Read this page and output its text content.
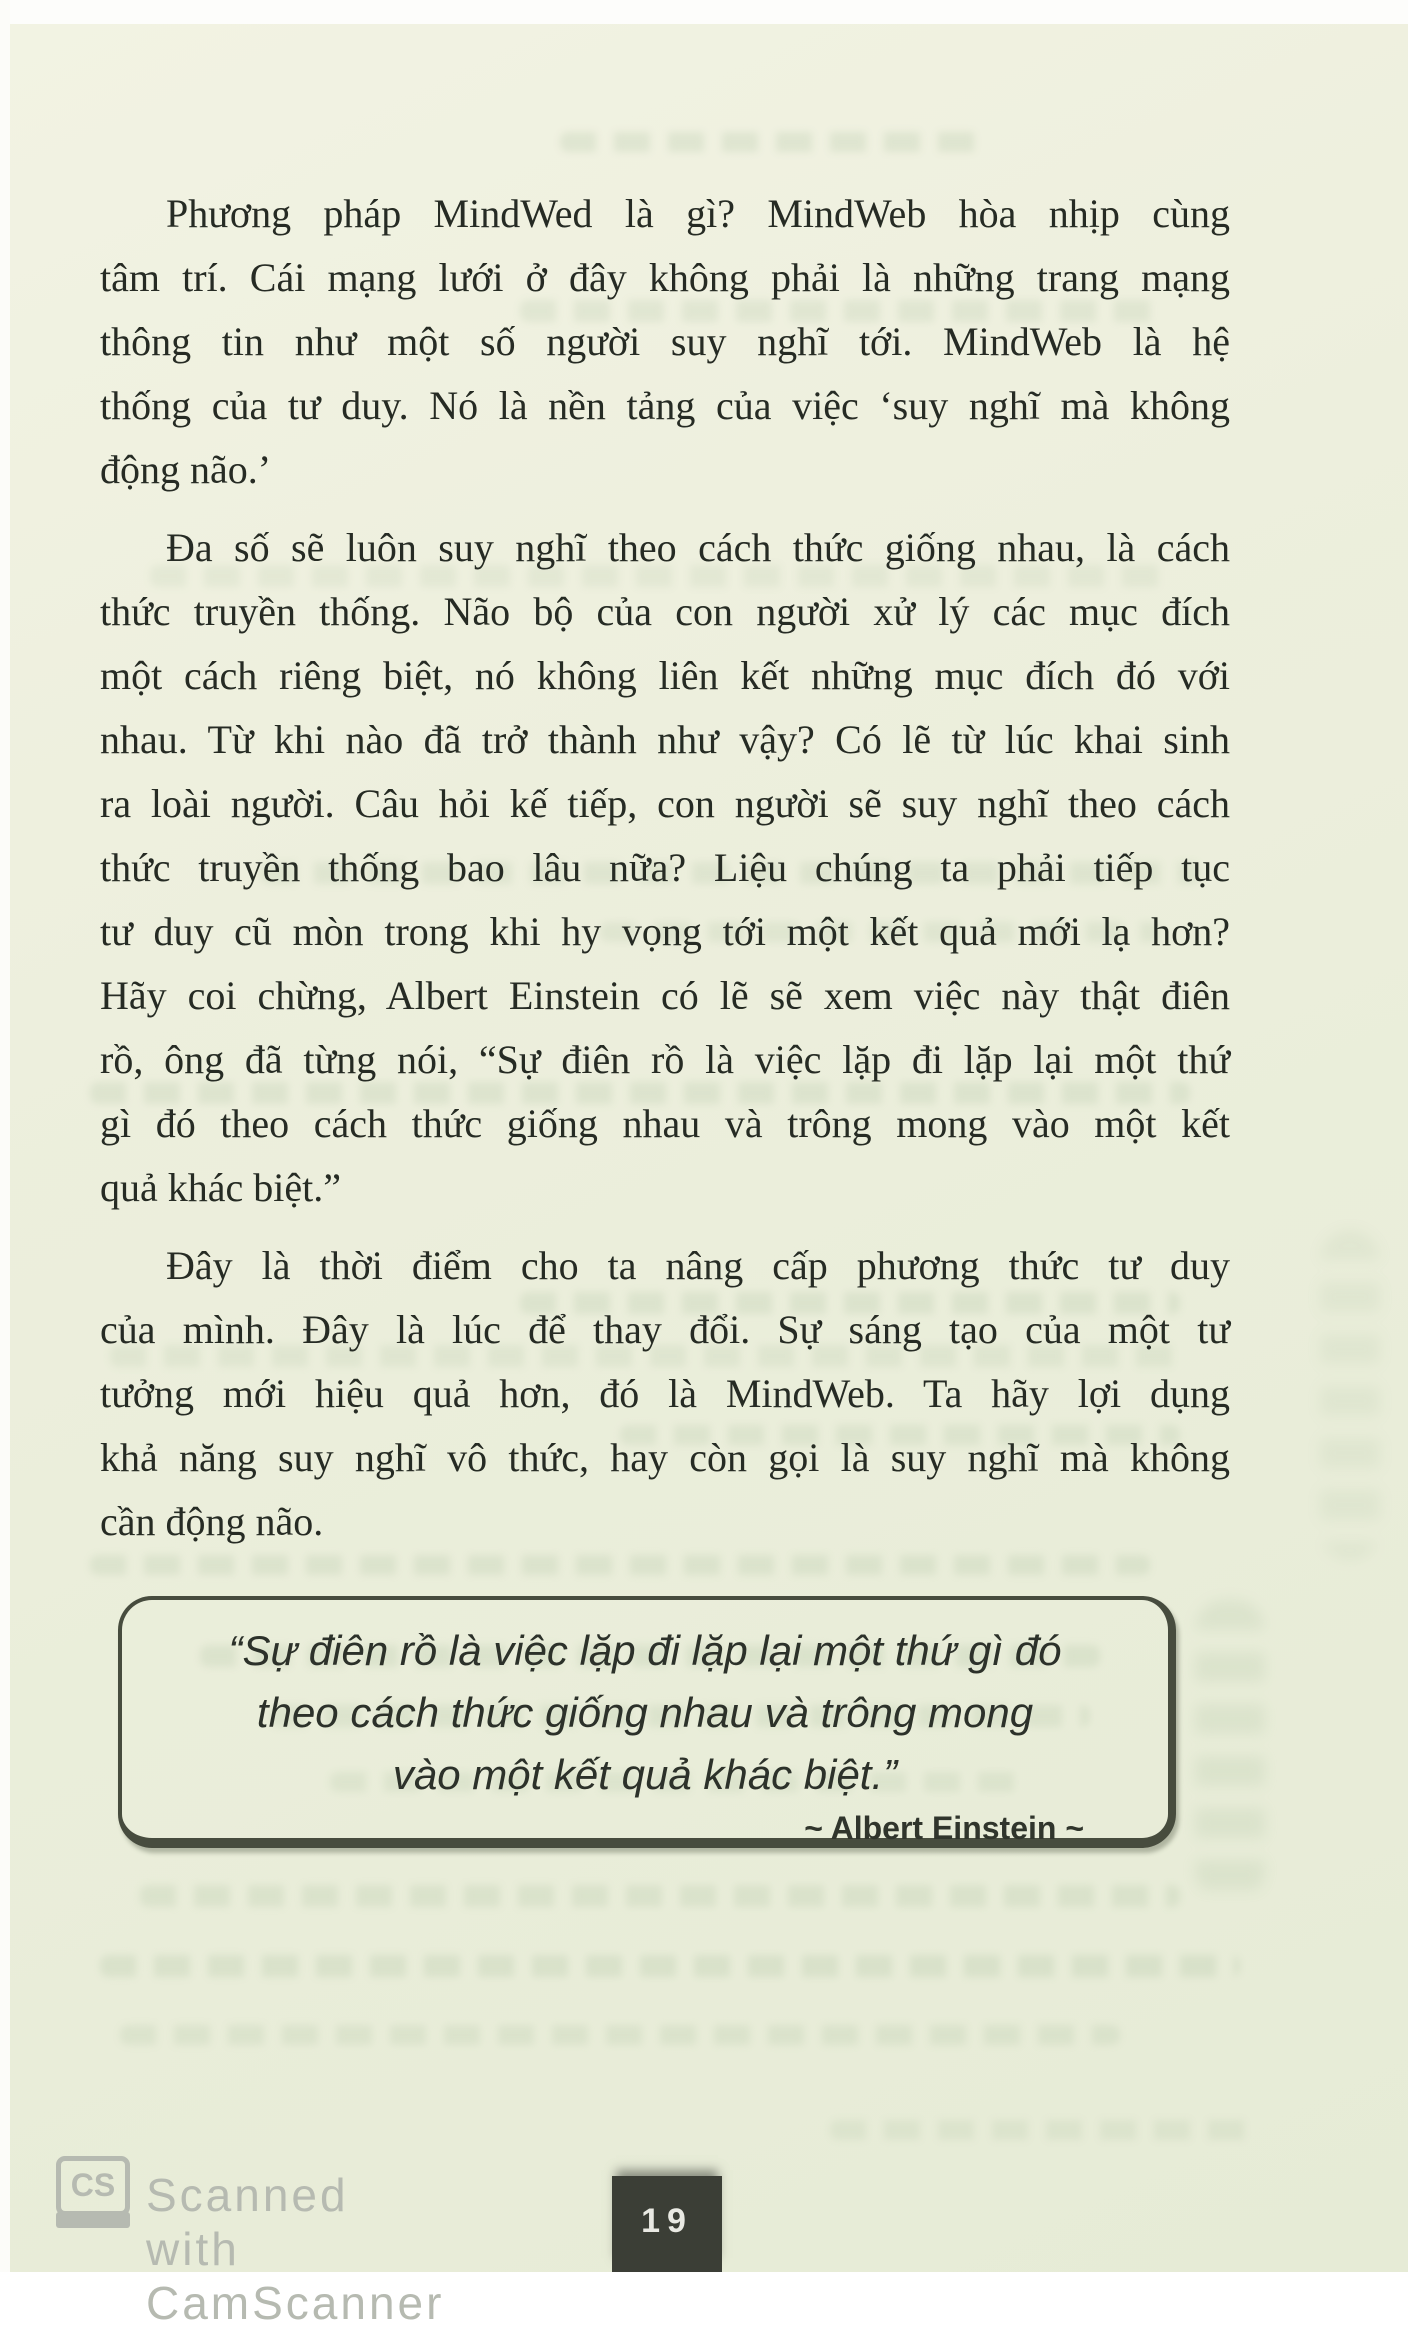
Phương pháp MindWed là gì? MindWeb hòa nhịp cùng
tâm trí. Cái mạng lưới ở đây không phải là những trang mạng
thông tin như một số người suy nghĩ tới. MindWeb là hệ
thống của tư duy. Nó là nền tảng của việc ‘suy nghĩ mà không
động não.’

Đa số sẽ luôn suy nghĩ theo cách thức giống nhau, là cách
thức truyền thống. Não bộ của con người xử lý các mục đích
một cách riêng biệt, nó không liên kết những mục đích đó với
nhau. Từ khi nào đã trở thành như vậy? Có lẽ từ lúc khai sinh
ra loài người. Câu hỏi kế tiếp, con người sẽ suy nghĩ theo cách
thức truyền thống bao lâu nữa? Liệu chúng ta phải tiếp tục
tư duy cũ mòn trong khi hy vọng tới một kết quả mới lạ hơn?
Hãy coi chừng, Albert Einstein có lẽ sẽ xem việc này thật điên
rồ, ông đã từng nói, “Sự điên rồ là việc lặp đi lặp lại một thứ
gì đó theo cách thức giống nhau và trông mong vào một kết
quả khác biệt.”

Đây là thời điểm cho ta nâng cấp phương thức tư duy
của mình. Đây là lúc để thay đổi. Sự sáng tạo của một tư
tưởng mới hiệu quả hơn, đó là MindWeb. Ta hãy lợi dụng
khả năng suy nghĩ vô thức, hay còn gọi là suy nghĩ mà không
cần động não.

“Sự điên rồ là việc lặp đi lặp lại một thứ gì đó
theo cách thức giống nhau và trông mong
vào một kết quả khác biệt.”
~ Albert Einstein ~
19
CS Scanned with CamScanner
